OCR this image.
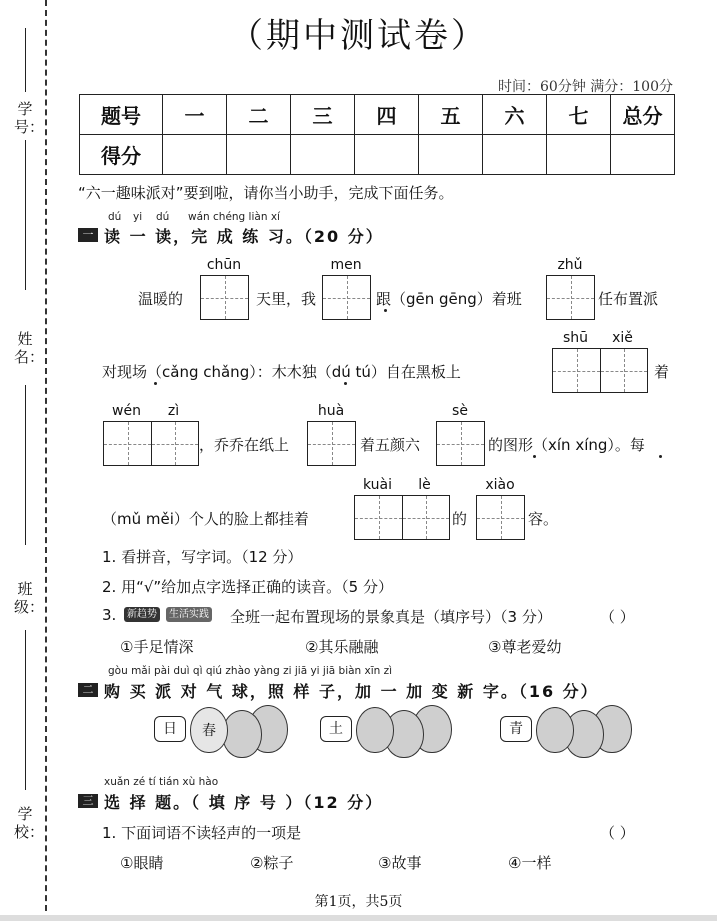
学号：
姓名：
班级：
学校：
（期中测试卷）
时间：60分钟 满分：100分
题号	一	二	三	四	五	六	七	总分
得分								
“六一趣味派对”要到啦，请你当小助手，完成下面任务。
dú yi dú wán chéng liàn xí
一 读 一 读，完 成 练 习。（20 分）
温暖的
chūn
天里，我
men
跟（gēn gēng）着班
zhǔ
任布置派
对现场（cǎng chǎng）：木木独（dú tú）自在黑板上
shū	xiě
着
wén	zì
，乔乔在纸上
huà
着五颜六
sè
的图形（xín xíng）。每
（mǔ měi）个人的脸上都挂着
kuài	lè
的
xiào
容。
1. 看拼音，写字词。（12 分）
2. 用“√”给加点字选择正确的读音。（5 分）
3.	新趋势	生活实践 全班一起布置现场的景象真是（填序号）（3 分）	（ ）
①手足情深	②其乐融融	③尊老爱幼
gòu mǎi pài duì qì qiú zhào yàng zi jiā yi jiā biàn xīn zì
二 购 买 派 对 气 球，照 样 子，加 一 加 变 新 字。（16 分）
春
日	土	青
xuǎn zé tí tián xù hào
三 选 择 题。（ 填 序 号 ）（12 分）
1. 下面词语不读轻声的一项是	（ ）
①眼睛	②粽子	③故事	④一样
第1页，共5页
